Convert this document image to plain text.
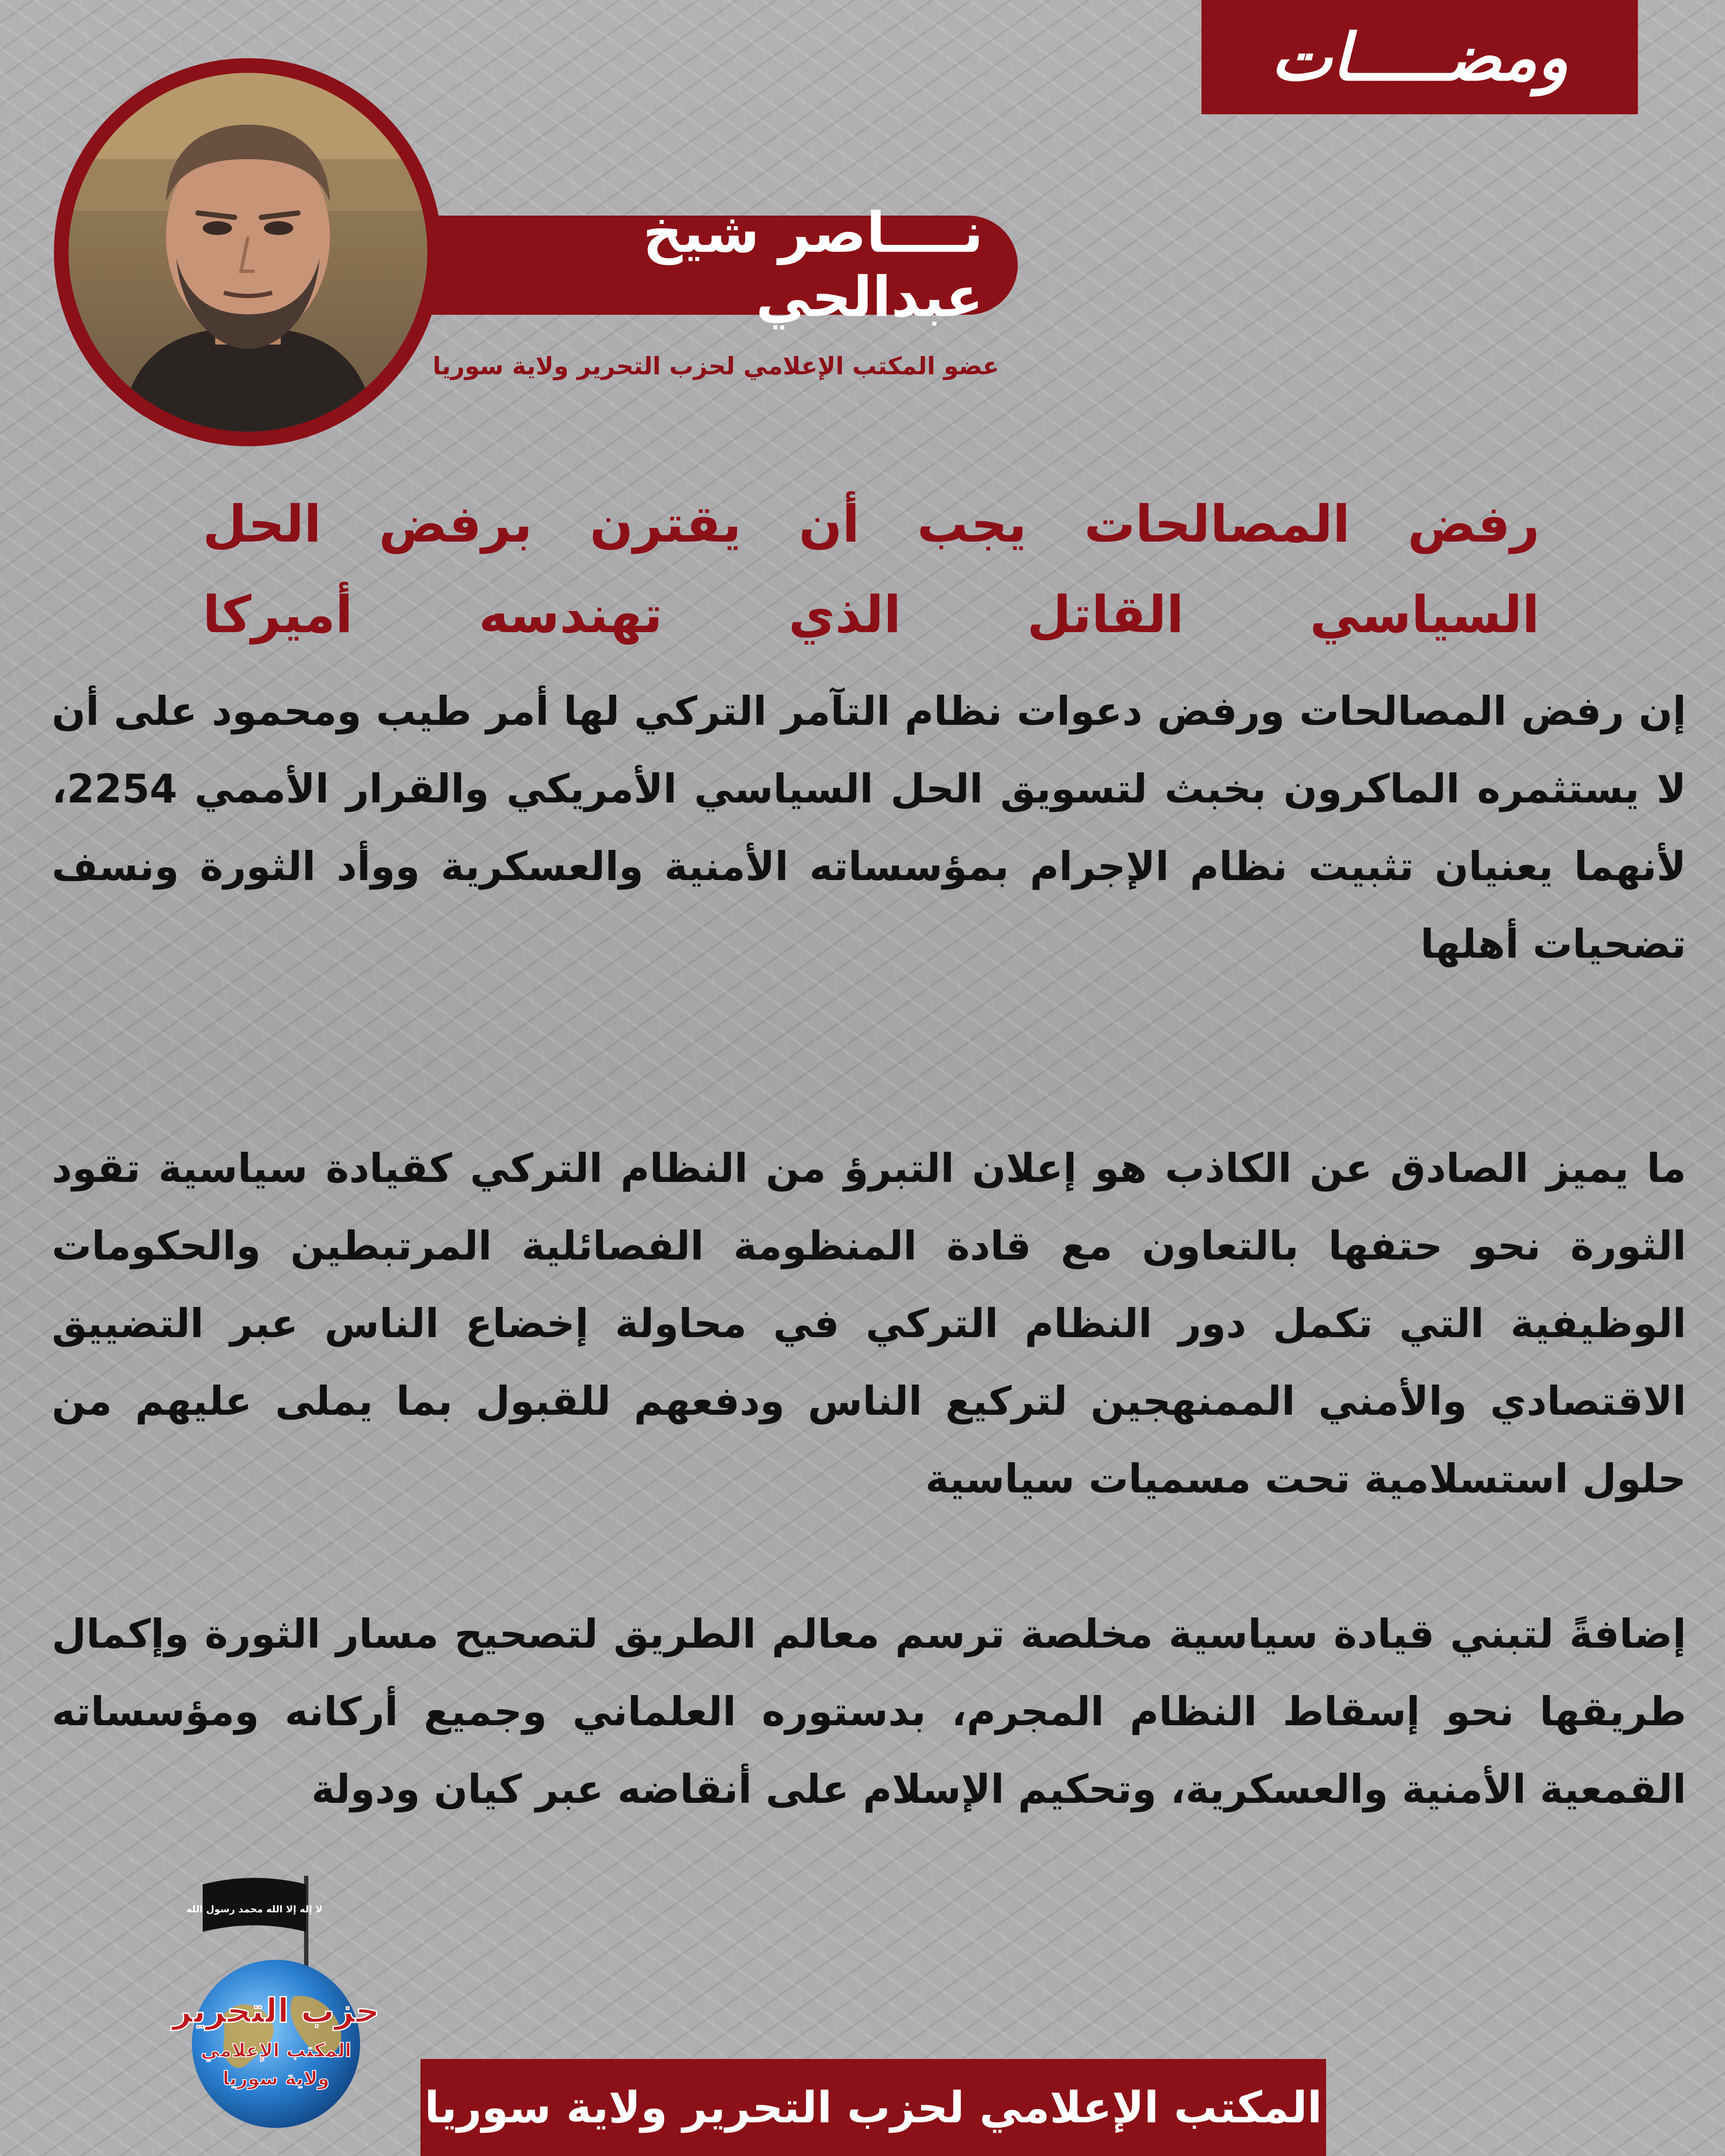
ومضـــــات
نــــاصر شيخ عبدالحي
عضو المكتب الإعلامي لحزب التحرير ولاية سوريا
رفض المصالحات يجب أن يقترن برفض الحل
السياسي القاتل الذي تهندسه أميركا
إن رفض المصالحات ورفض دعوات نظام التآمر التركي لها أمر طيب ومحمود على أن لا يستثمره الماكرون بخبث لتسويق الحل السياسي الأمريكي والقرار الأممي 2254، لأنهما يعنيان تثبيت نظام الإجرام بمؤسساته الأمنية والعسكرية ووأد الثورة ونسف تضحيات أهلها
ما يميز الصادق عن الكاذب هو إعلان التبرؤ من النظام التركي كقيادة سياسية تقود الثورة نحو حتفها بالتعاون مع قادة المنظومة الفصائلية المرتبطين والحكومات الوظيفية التي تكمل دور النظام التركي في محاولة إخضاع الناس عبر التضييق الاقتصادي والأمني الممنهجين لتركيع الناس ودفعهم للقبول بما يملى عليهم من حلول استسلامية تحت مسميات سياسية
إضافةً لتبني قيادة سياسية مخلصة ترسم معالم الطريق لتصحيح مسار الثورة وإكمال طريقها نحو إسقاط النظام المجرم، بدستوره العلماني وجميع أركانه ومؤسساته القمعية الأمنية والعسكرية، وتحكيم الإسلام على أنقاضه عبر كيان ودولة
لا إله إلا الله محمد رسول الله
حزب التحرير
المكتب الإعلامي
ولاية سوريا
المكتب الإعلامي لحزب التحرير ولاية سوريا
